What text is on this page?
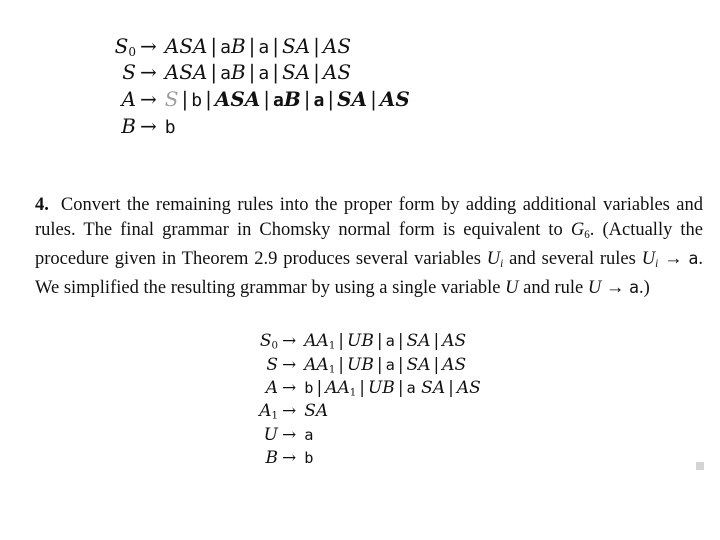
$S_0$ → ASA | aB | a | SA | AS
S → ASA | aB | a | SA | AS
A → S | b | ASA | aB | a | SA | AS
B → b
4. Convert the remaining rules into the proper form by adding additional variables and rules. The final grammar in Chomsky normal form is equivalent to $G_6$. (Actually the procedure given in Theorem 2.9 produces several variables $U_i$ and several rules $U_i \to a$. We simplified the resulting grammar by using a single variable U and rule U → a.)
$S_0 \to AA_1$ | UB | a | SA | AS
$S \to AA_1$ | UB | a | SA | AS
A → b | $AA_1$ | UB | a SA | AS
$A_1$ → SA
U → a
B → b
